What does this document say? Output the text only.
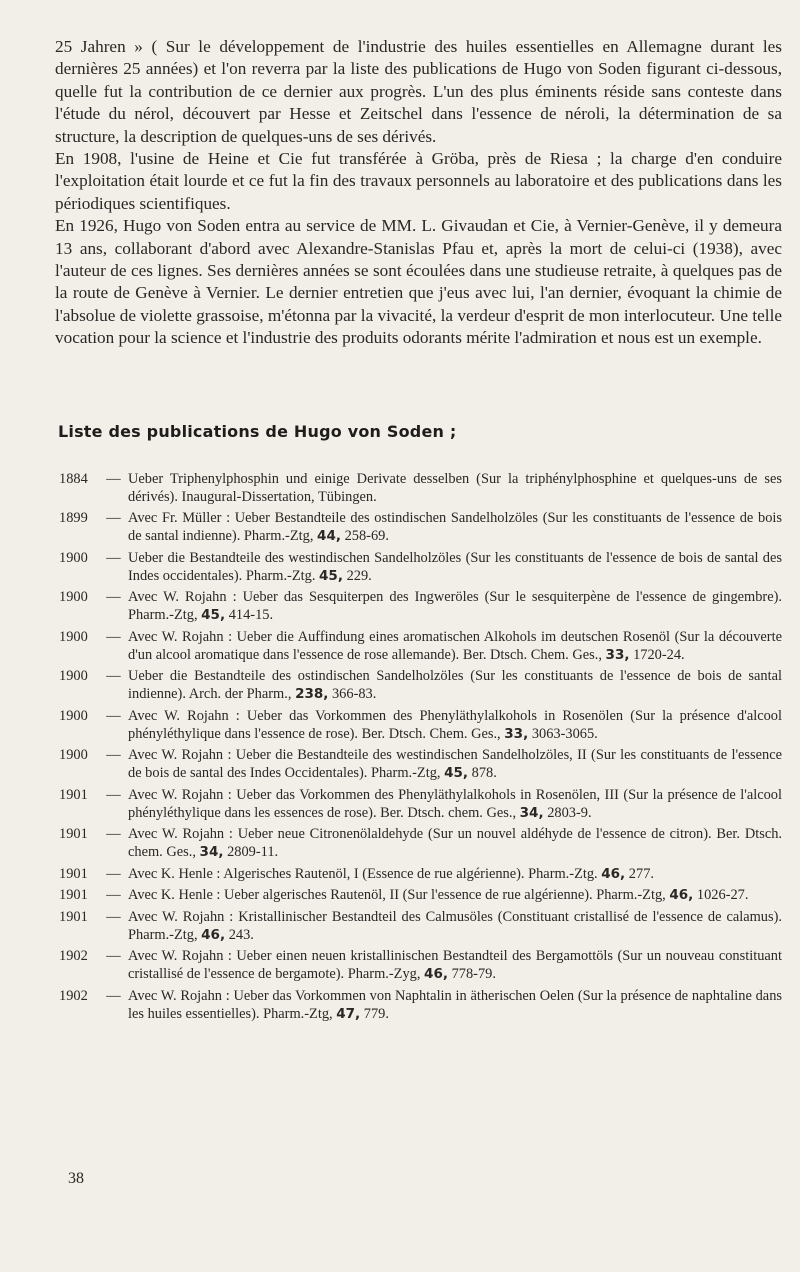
25 Jahren » ( Sur le développement de l'industrie des huiles essentielles en Allemagne durant les dernières 25 années) et l'on reverra par la liste des publications de Hugo von Soden figurant ci-dessous, quelle fut la contribution de ce dernier aux progrès. L'un des plus éminents réside sans conteste dans l'étude du nérol, découvert par Hesse et Zeitschel dans l'essence de néroli, la détermination de sa structure, la description de quelques-uns de ses dérivés.

En 1908, l'usine de Heine et Cie fut transférée à Gröba, près de Riesa ; la charge d'en conduire l'exploitation était lourde et ce fut la fin des travaux personnels au laboratoire et des publications dans les périodiques scientifiques.

En 1926, Hugo von Soden entra au service de MM. L. Givaudan et Cie, à Vernier-Genève, il y demeura 13 ans, collaborant d'abord avec Alexandre-Stanislas Pfau et, après la mort de celui-ci (1938), avec l'auteur de ces lignes. Ses dernières années se sont écoulées dans une studieuse retraite, à quelques pas de la route de Genève à Vernier. Le dernier entretien que j'eus avec lui, l'an dernier, évoquant la chimie de l'absolue de violette grassoise, m'étonna par la vivacité, la verdeur d'esprit de mon interlocuteur. Une telle vocation pour la science et l'industrie des produits odorants mérite l'admiration et nous est un exemple.

Liste des publications de Hugo von Soden ;
1884	— Ueber Triphenylphosphin und einige Derivate desselben (Sur la triphénylphosphine et quelques-uns de ses dérivés). Inaugural-Dissertation, Tübingen.
1899	— Avec Fr. Müller : Ueber Bestandteile des ostindischen Sandelholzöles (Sur les constituants de l'essence de bois de santal indienne). Pharm.-Ztg, 44, 258-69.
1900	— Ueber die Bestandteile des westindischen Sandelholzöles (Sur les constituants de l'essence de bois de santal des Indes occidentales). Pharm.-Ztg. 45, 229.
1900	— Avec W. Rojahn : Ueber das Sesquiterpen des Ingweröles (Sur le sesquiterpène de l'essence de gingembre). Pharm.-Ztg, 45, 414-15.
1900	— Avec W. Rojahn : Ueber die Auffindung eines aromatischen Alkohols im deutschen Rosenöl (Sur la découverte d'un alcool aromatique dans l'essence de rose allemande). Ber. Dtsch. Chem. Ges., 33, 1720-24.
1900	— Ueber die Bestandteile des ostindischen Sandelholzöles (Sur les constituants de l'essence de bois de santal indienne). Arch. der Pharm., 238, 366-83.
1900	— Avec W. Rojahn : Ueber das Vorkommen des Phenyläthylalkohols in Rosenölen (Sur la présence d'alcool phényléthylique dans l'essence de rose). Ber. Dtsch. Chem. Ges., 33, 3063-3065.
1900	— Avec W. Rojahn : Ueber die Bestandteile des westindischen Sandelholzöles, II (Sur les constituants de l'essence de bois de santal des Indes Occidentales). Pharm.-Ztg, 45, 878.
1901	— Avec W. Rojahn : Ueber das Vorkommen des Phenyläthylalkohols in Rosenölen, III (Sur la présence de l'alcool phényléthylique dans les essences de rose). Ber. Dtsch. chem. Ges., 34, 2803-9.
1901	— Avec W. Rojahn : Ueber neue Citronenölaldehyde (Sur un nouvel aldéhyde de l'essence de citron). Ber. Dtsch. chem. Ges., 34, 2809-11.
1901	— Avec K. Henle : Algerisches Rautenöl, I (Essence de rue algérienne). Pharm.-Ztg. 46, 277.
1901	— Avec K. Henle : Ueber algerisches Rautenöl, II (Sur l'essence de rue algérienne). Pharm.-Ztg, 46, 1026-27.
1901	— Avec W. Rojahn : Kristallinischer Bestandteil des Calmusöles (Constituant cristallisé de l'essence de calamus). Pharm.-Ztg, 46, 243.
1902	— Avec W. Rojahn : Ueber einen neuen kristallinischen Bestandteil des Bergamottöls (Sur un nouveau constituant cristallisé de l'essence de bergamote). Pharm.-Zyg, 46, 778-79.
1902	— Avec W. Rojahn : Ueber das Vorkommen von Naphtalin in ätherischen Oelen (Sur la présence de naphtaline dans les huiles essentielles). Pharm.-Ztg, 47, 779.
38
